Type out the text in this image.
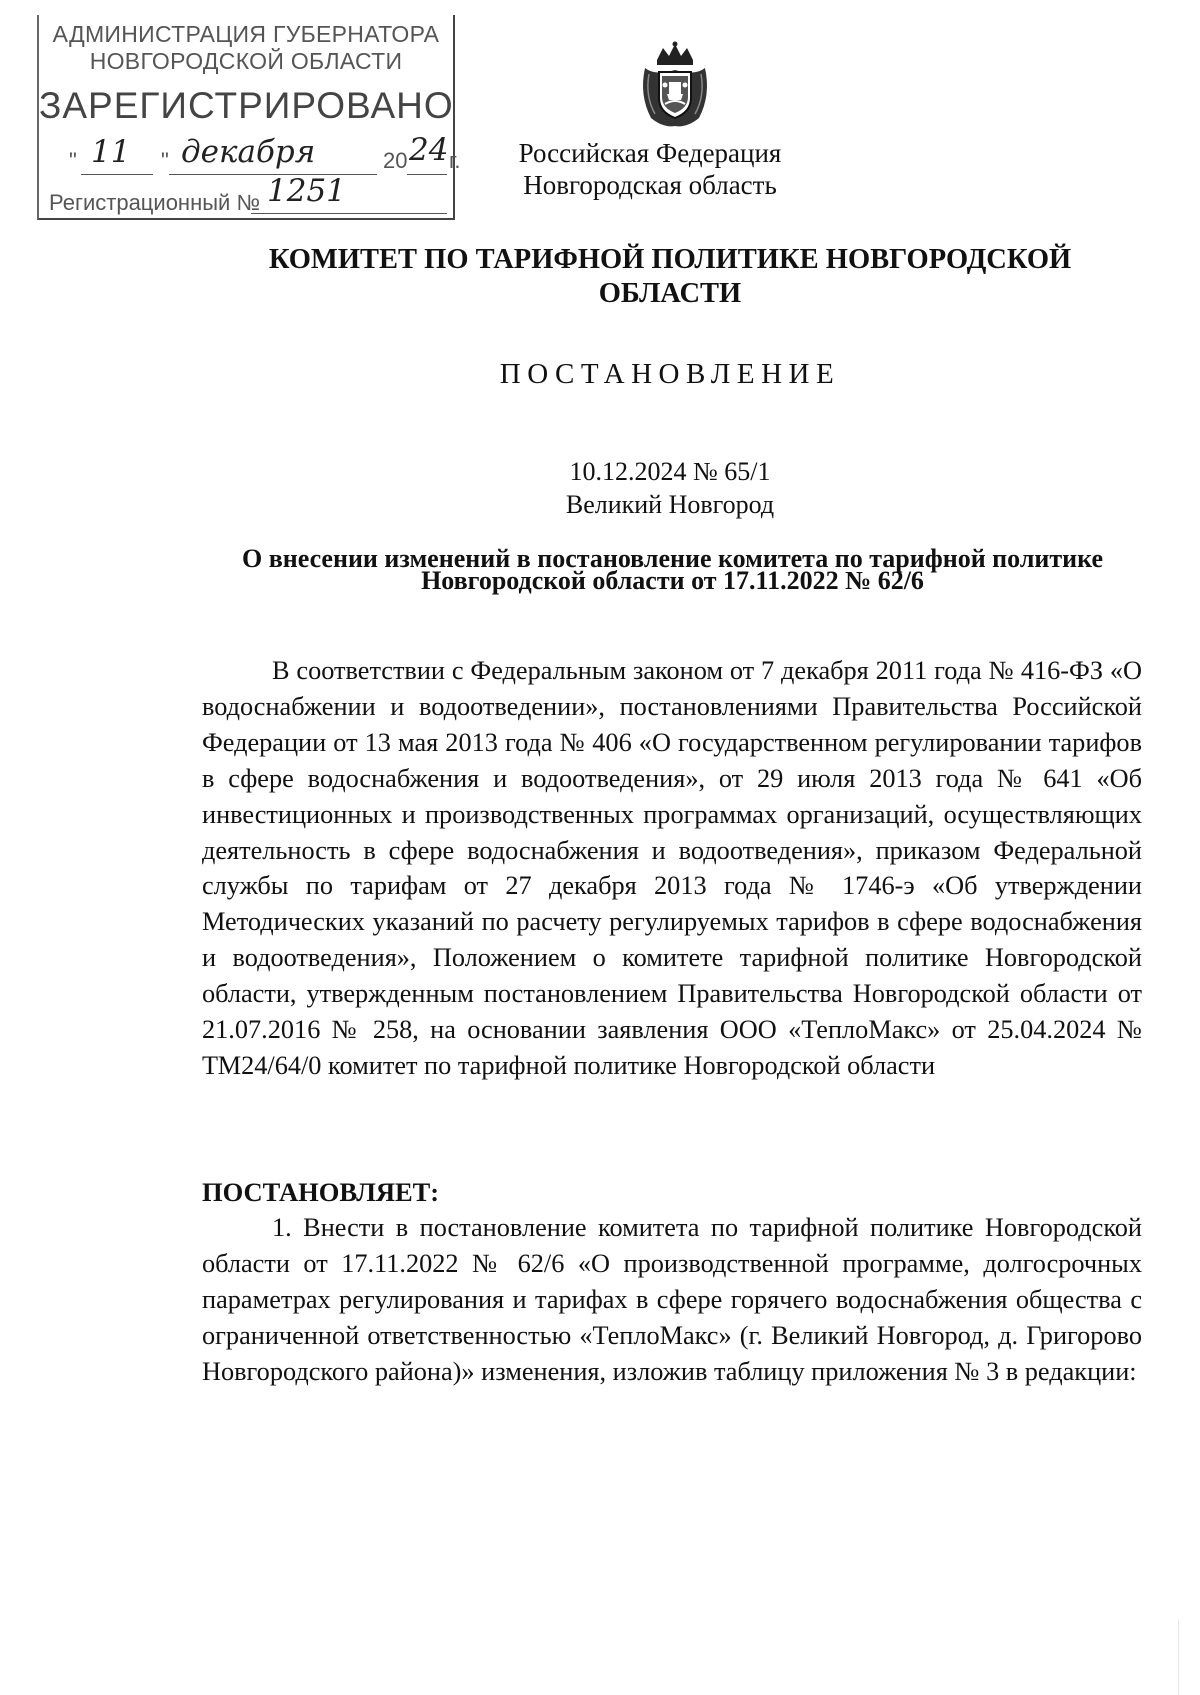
АДМИНИСТРАЦИЯ ГУБЕРНАТОРА
НОВГОРОДСКОЙ ОБЛАСТИ
ЗАРЕГИСТРИРОВАНО
" 11 " декабря	20 24 г.
Регистрационный № 1251
Российская Федерация
Новгородская область
КОМИТЕТ ПО ТАРИФНОЙ ПОЛИТИКЕ НОВГОРОДСКОЙ ОБЛАСТИ
ПОСТАНОВЛЕНИЕ
10.12.2024 № 65/1
Великий Новгород
О внесении изменений в постановление комитета по тарифной политике Новгородской области от 17.11.2022 № 62/6
В соответствии с Федеральным законом от 7 декабря 2011 года № 416-ФЗ «О водоснабжении и водоотведении», постановлениями Правительства Российской Федерации от 13 мая 2013 года № 406 «О государственном регулировании тарифов в сфере водоснабжения и водоотведения», от 29 июля 2013 года № 641 «Об инвестиционных и производственных программах организаций, осуществляющих деятельность в сфере водоснабжения и водоотведения», приказом Федеральной службы по тарифам от 27 декабря 2013 года № 1746-э «Об утверждении Методических указаний по расчету регулируемых тарифов в сфере водоснабжения и водоотведения», Положением о комитете тарифной политике Новгородской области, утвержденным постановлением Правительства Новгородской области от 21.07.2016 № 258, на основании заявления ООО «ТеплоМакс» от 25.04.2024 № ТМ24/64/0 комитет по тарифной политике Новгородской области
ПОСТАНОВЛЯЕТ:
1. Внести в постановление комитета по тарифной политике Новгородской области от 17.11.2022 № 62/6 «О производственной программе, долгосрочных параметрах регулирования и тарифах в сфере горячего водоснабжения общества с ограниченной ответственностью «ТеплоМакс» (г. Великий Новгород, д. Григорово Новгородского района)» изменения, изложив таблицу приложения № 3 в редакции:
